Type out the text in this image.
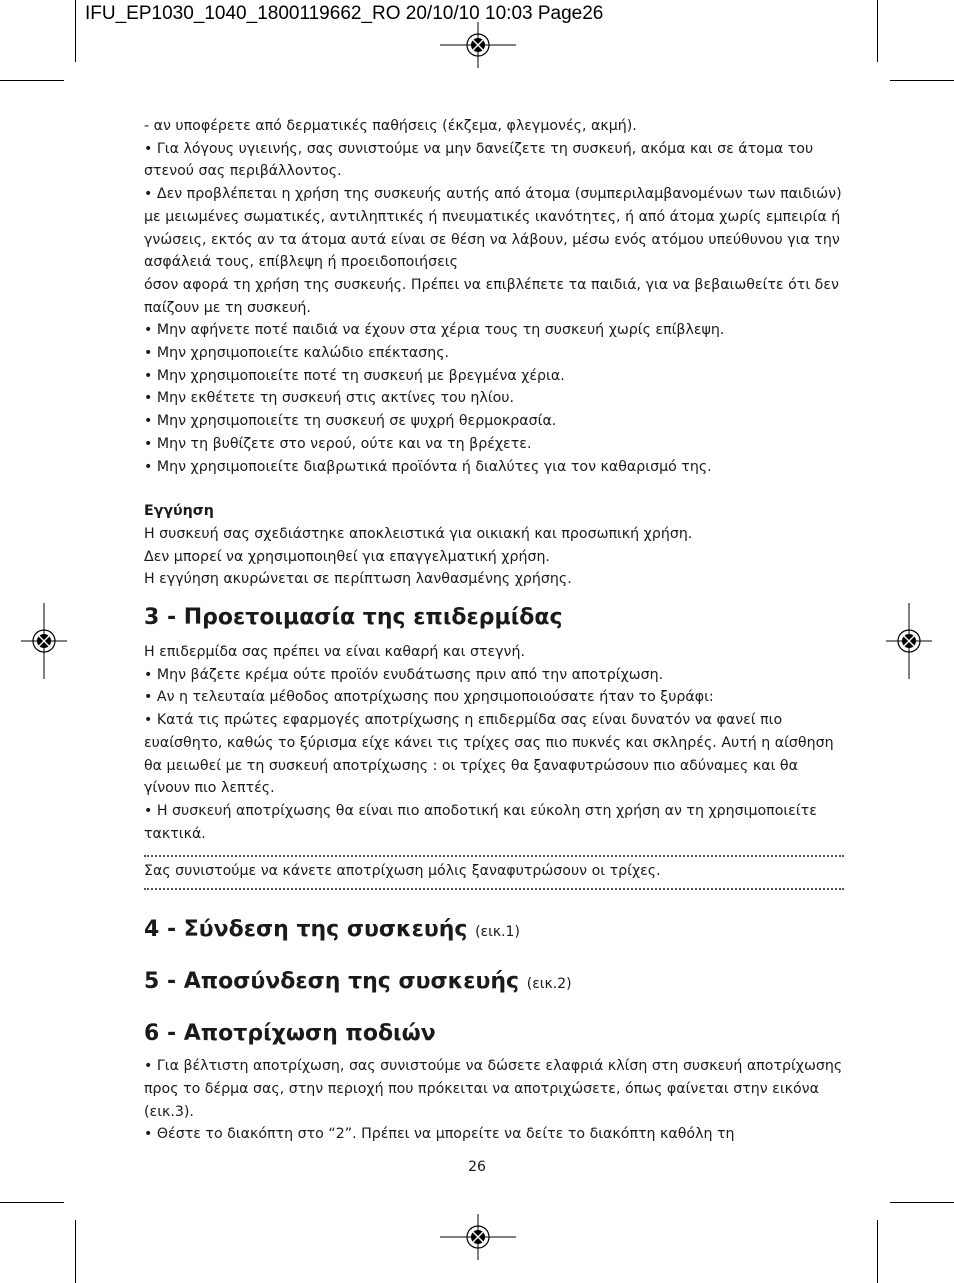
IFU_EP1030_1040_1800119662_RO 20/10/10 10:03 Page26

- αν υποφέρετε από δερματικές παθήσεις (έκζεμα, φλεγμονές, ακμή).

• Για λόγους υγιεινής, σας συνιστούμε να μην δανείζετε τη συσκευή, ακόμα και σε άτομα του στενού σας περιβάλλοντος.

• Δεν προβλέπεται η χρήση της συσκευής αυτής από άτομα (συμπεριλαμβανομένων των παιδιών) με μειωμένες σωματικές, αντιληπτικές ή πνευματικές ικανότητες, ή από άτομα χωρίς εμπειρία ή γνώσεις, εκτός αν τα άτομα αυτά είναι σε θέση να λάβουν, μέσω ενός ατόμου υπεύθυνου για την ασφάλειά τους, επίβλεψη ή προειδοποιήσεις

όσον αφορά τη χρήση της συσκευής. Πρέπει να επιβλέπετε τα παιδιά, για να βεβαιωθείτε ότι δεν παίζουν με τη συσκευή.

• Μην αφήνετε ποτέ παιδιά να έχουν στα χέρια τους τη συσκευή χωρίς επίβλεψη.

• Μην χρησιμοποιείτε καλώδιο επέκτασης.

• Μην χρησιμοποιείτε ποτέ τη συσκευή με βρεγμένα χέρια.

• Μην εκθέτετε τη συσκευή στις ακτίνες του ηλίου.

• Μην χρησιμοποιείτε τη συσκευή σε ψυχρή θερμοκρασία.

• Μην τη βυθίζετε στο νερού, ούτε και να τη βρέχετε.

• Μην χρησιμοποιείτε διαβρωτικά προϊόντα ή διαλύτες για τον καθαρισμό της.

Εγγύηση

Η συσκευή σας σχεδιάστηκε αποκλειστικά για οικιακή και προσωπική χρήση.

Δεν μπορεί να χρησιμοποιηθεί για επαγγελματική χρήση.

Η εγγύηση ακυρώνεται σε περίπτωση λανθασμένης χρήσης.

3 - Προετοιμασία της επιδερμίδας

Η επιδερμίδα σας πρέπει να είναι καθαρή και στεγνή.

• Μην βάζετε κρέμα ούτε προϊόν ενυδάτωσης πριν από την αποτρίχωση.

• Αν η τελευταία μέθοδος αποτρίχωσης που χρησιμοποιούσατε ήταν το ξυράφι:

• Κατά τις πρώτες εφαρμογές αποτρίχωσης η επιδερμίδα σας είναι δυνατόν να φανεί πιο ευαίσθητο, καθώς το ξύρισμα είχε κάνει τις τρίχες σας πιο πυκνές και σκληρές. Αυτή η αίσθηση θα μειωθεί με τη συσκευή αποτρίχωσης : οι τρίχες θα ξαναφυτρώσουν πιο αδύναμες και θα γίνουν πιο λεπτές.

• Η συσκευή αποτρίχωσης θα είναι πιο αποδοτική και εύκολη στη χρήση αν τη χρησιμοποιείτε τακτικά.

Σας συνιστούμε να κάνετε αποτρίχωση μόλις ξαναφυτρώσουν οι τρίχες.

4 - Σύνδεση της συσκευής (εικ.1)
5 - Αποσύνδεση της συσκευής (εικ.2)
6 - Αποτρίχωση ποδιών

• Για βέλτιστη αποτρίχωση, σας συνιστούμε να δώσετε ελαφριά κλίση στη συσκευή αποτρίχωσης προς το δέρμα σας, στην περιοχή που πρόκειται να αποτριχώσετε, όπως φαίνεται στην εικόνα (εικ.3).

• Θέστε το διακόπτη στο “2”. Πρέπει να μπορείτε να δείτε το διακόπτη καθόλη τη

26
